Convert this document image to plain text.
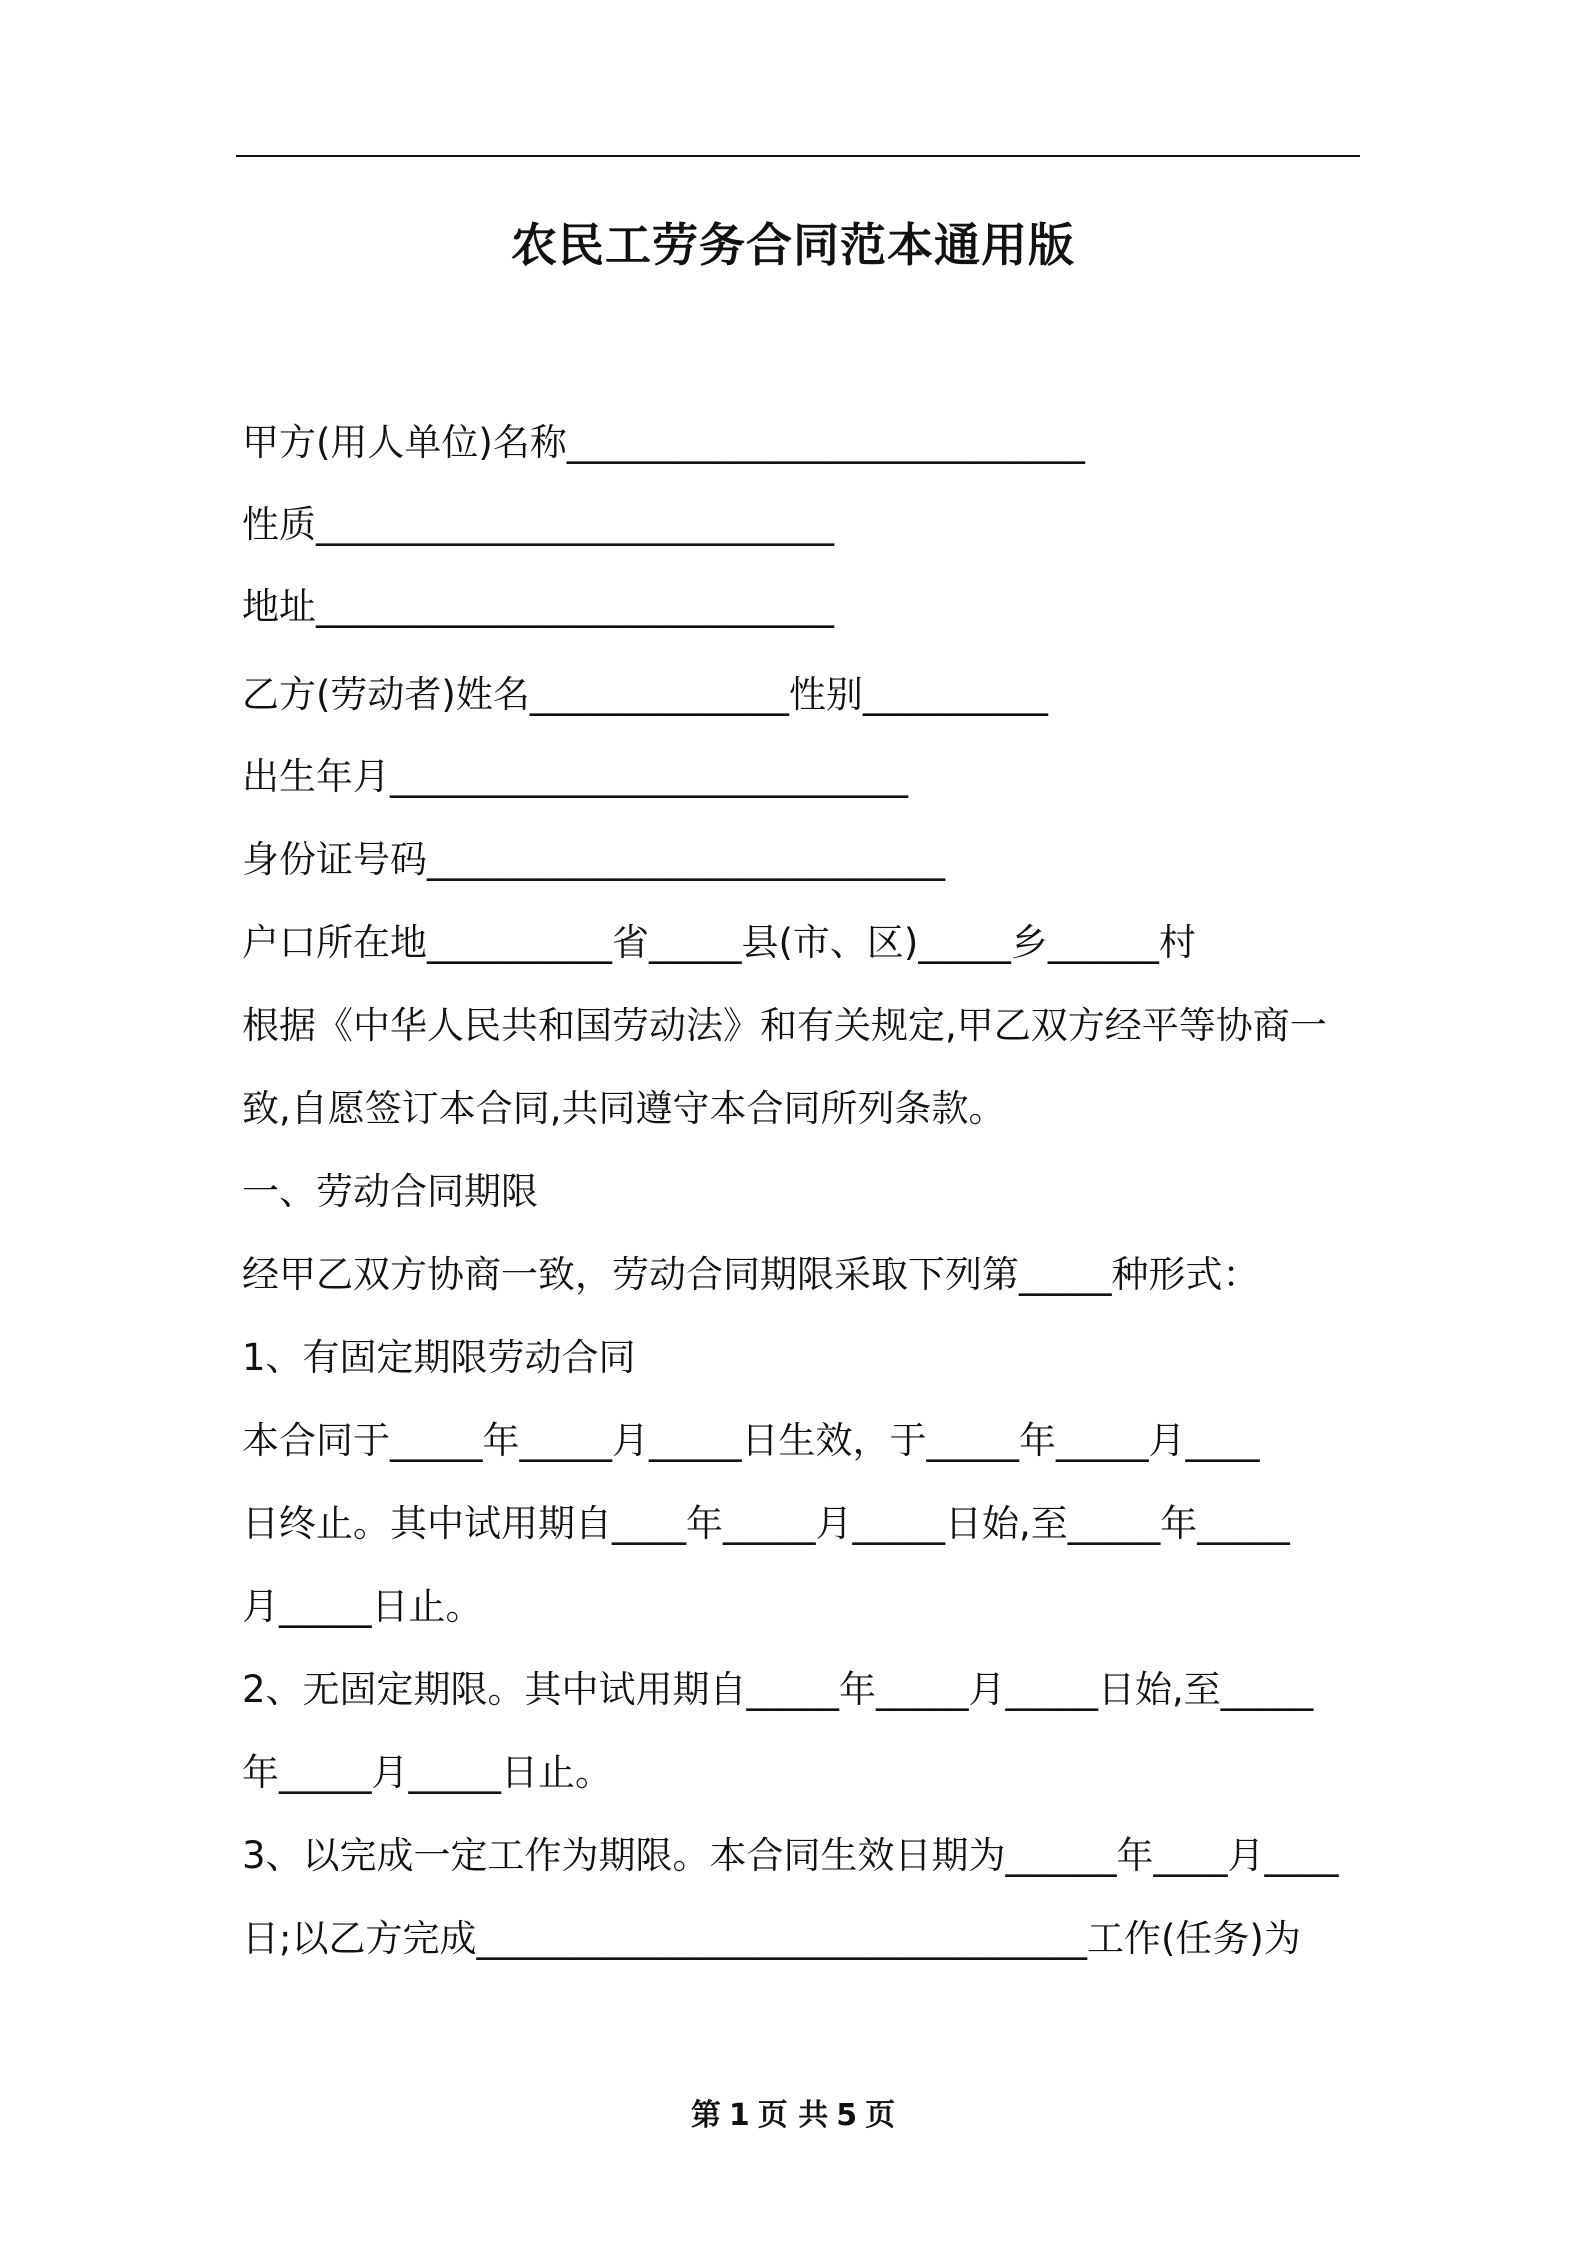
农民工劳务合同范本通用版
甲方(用人单位)名称____________________________
性质____________________________
地址____________________________
乙方(劳动者)姓名______________性别__________
出生年月____________________________
身份证号码____________________________
户口所在地__________省_____县(市、区)_____乡______村
根据《中华人民共和国劳动法》和有关规定,甲乙双方经平等协商一
致,自愿签订本合同,共同遵守本合同所列条款。
一、劳动合同期限
经甲乙双方协商一致，劳动合同期限采取下列第_____种形式：
1、有固定期限劳动合同
本合同于_____年_____月_____日生效，于_____年_____月____
日终止。其中试用期自____年_____月_____日始,至_____年_____
月_____日止。
2、无固定期限。其中试用期自_____年_____月_____日始,至_____
年_____月_____日止。
3、以完成一定工作为期限。本合同生效日期为______年____月____
日;以乙方完成_________________________________工作(任务)为
第 1 页 共 5 页
